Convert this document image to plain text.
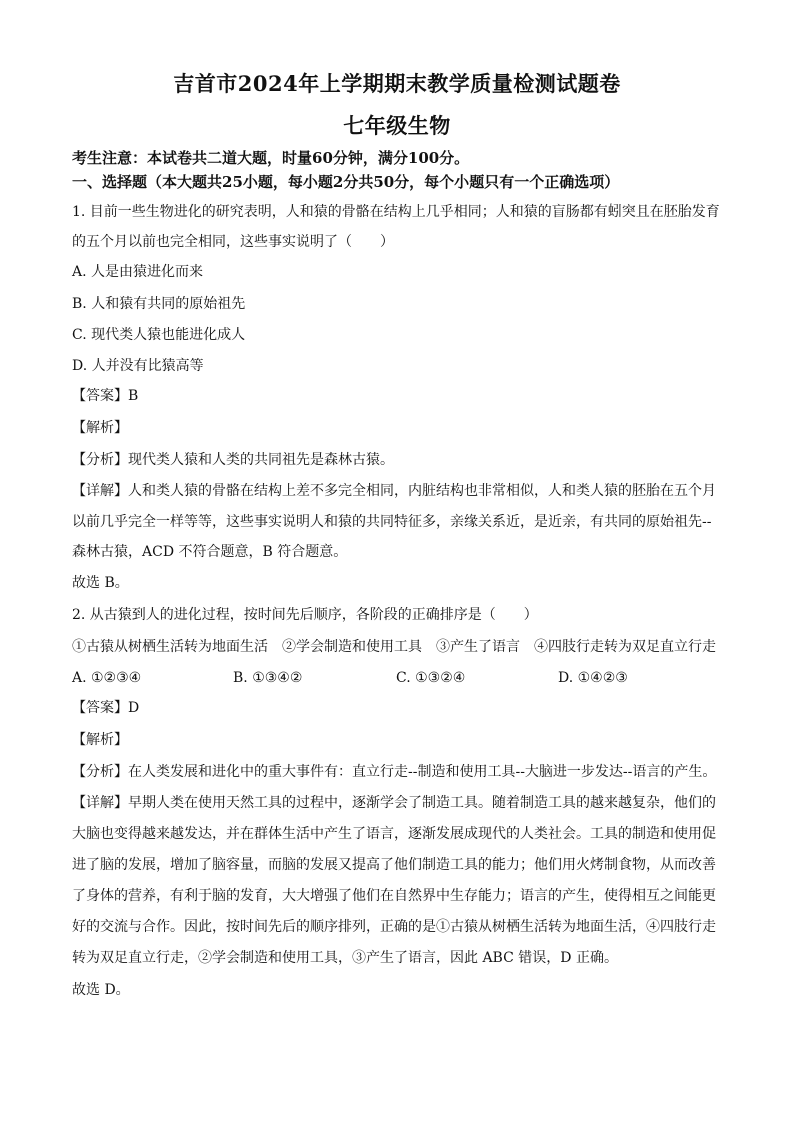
吉首市2024年上学期期末教学质量检测试题卷
七年级生物
考生注意：本试卷共二道大题，时量60分钟，满分100分。
一、选择题（本大题共25小题，每小题2分共50分，每个小题只有一个正确选项）
1. 目前一些生物进化的研究表明，人和猿的骨骼在结构上几乎相同；人和猿的盲肠都有蚓突且在胚胎发育
的五个月以前也完全相同，这些事实说明了（　　）
A. 人是由猿进化而来
B. 人和猿有共同的原始祖先
C. 现代类人猿也能进化成人
D. 人并没有比猿高等
【答案】B
【解析】
【分析】现代类人猿和人类的共同祖先是森林古猿。
【详解】人和类人猿的骨骼在结构上差不多完全相同，内脏结构也非常相似，人和类人猿的胚胎在五个月
以前几乎完全一样等等，这些事实说明人和猿的共同特征多，亲缘关系近，是近亲，有共同的原始祖先--
森林古猿，ACD 不符合题意，B 符合题意。
故选 B。
2. 从古猿到人的进化过程，按时间先后顺序，各阶段的正确排序是（　　）
①古猿从树栖生活转为地面生活　②学会制造和使用工具　③产生了语言　④四肢行走转为双足直立行走
A. ①②③④	B. ①③④②	C. ①③②④	D. ①④②③
【答案】D
【解析】
【分析】在人类发展和进化中的重大事件有：直立行走--制造和使用工具--大脑进一步发达--语言的产生。
【详解】早期人类在使用天然工具的过程中，逐渐学会了制造工具。随着制造工具的越来越复杂，他们的
大脑也变得越来越发达，并在群体生活中产生了语言，逐渐发展成现代的人类社会。工具的制造和使用促
进了脑的发展，增加了脑容量，而脑的发展又提高了他们制造工具的能力；他们用火烤制食物，从而改善
了身体的营养，有利于脑的发育，大大增强了他们在自然界中生存能力；语言的产生，使得相互之间能更
好的交流与合作。因此，按时间先后的顺序排列，正确的是①古猿从树栖生活转为地面生活，④四肢行走
转为双足直立行走，②学会制造和使用工具，③产生了语言，因此 ABC 错误，D 正确。
故选 D。
